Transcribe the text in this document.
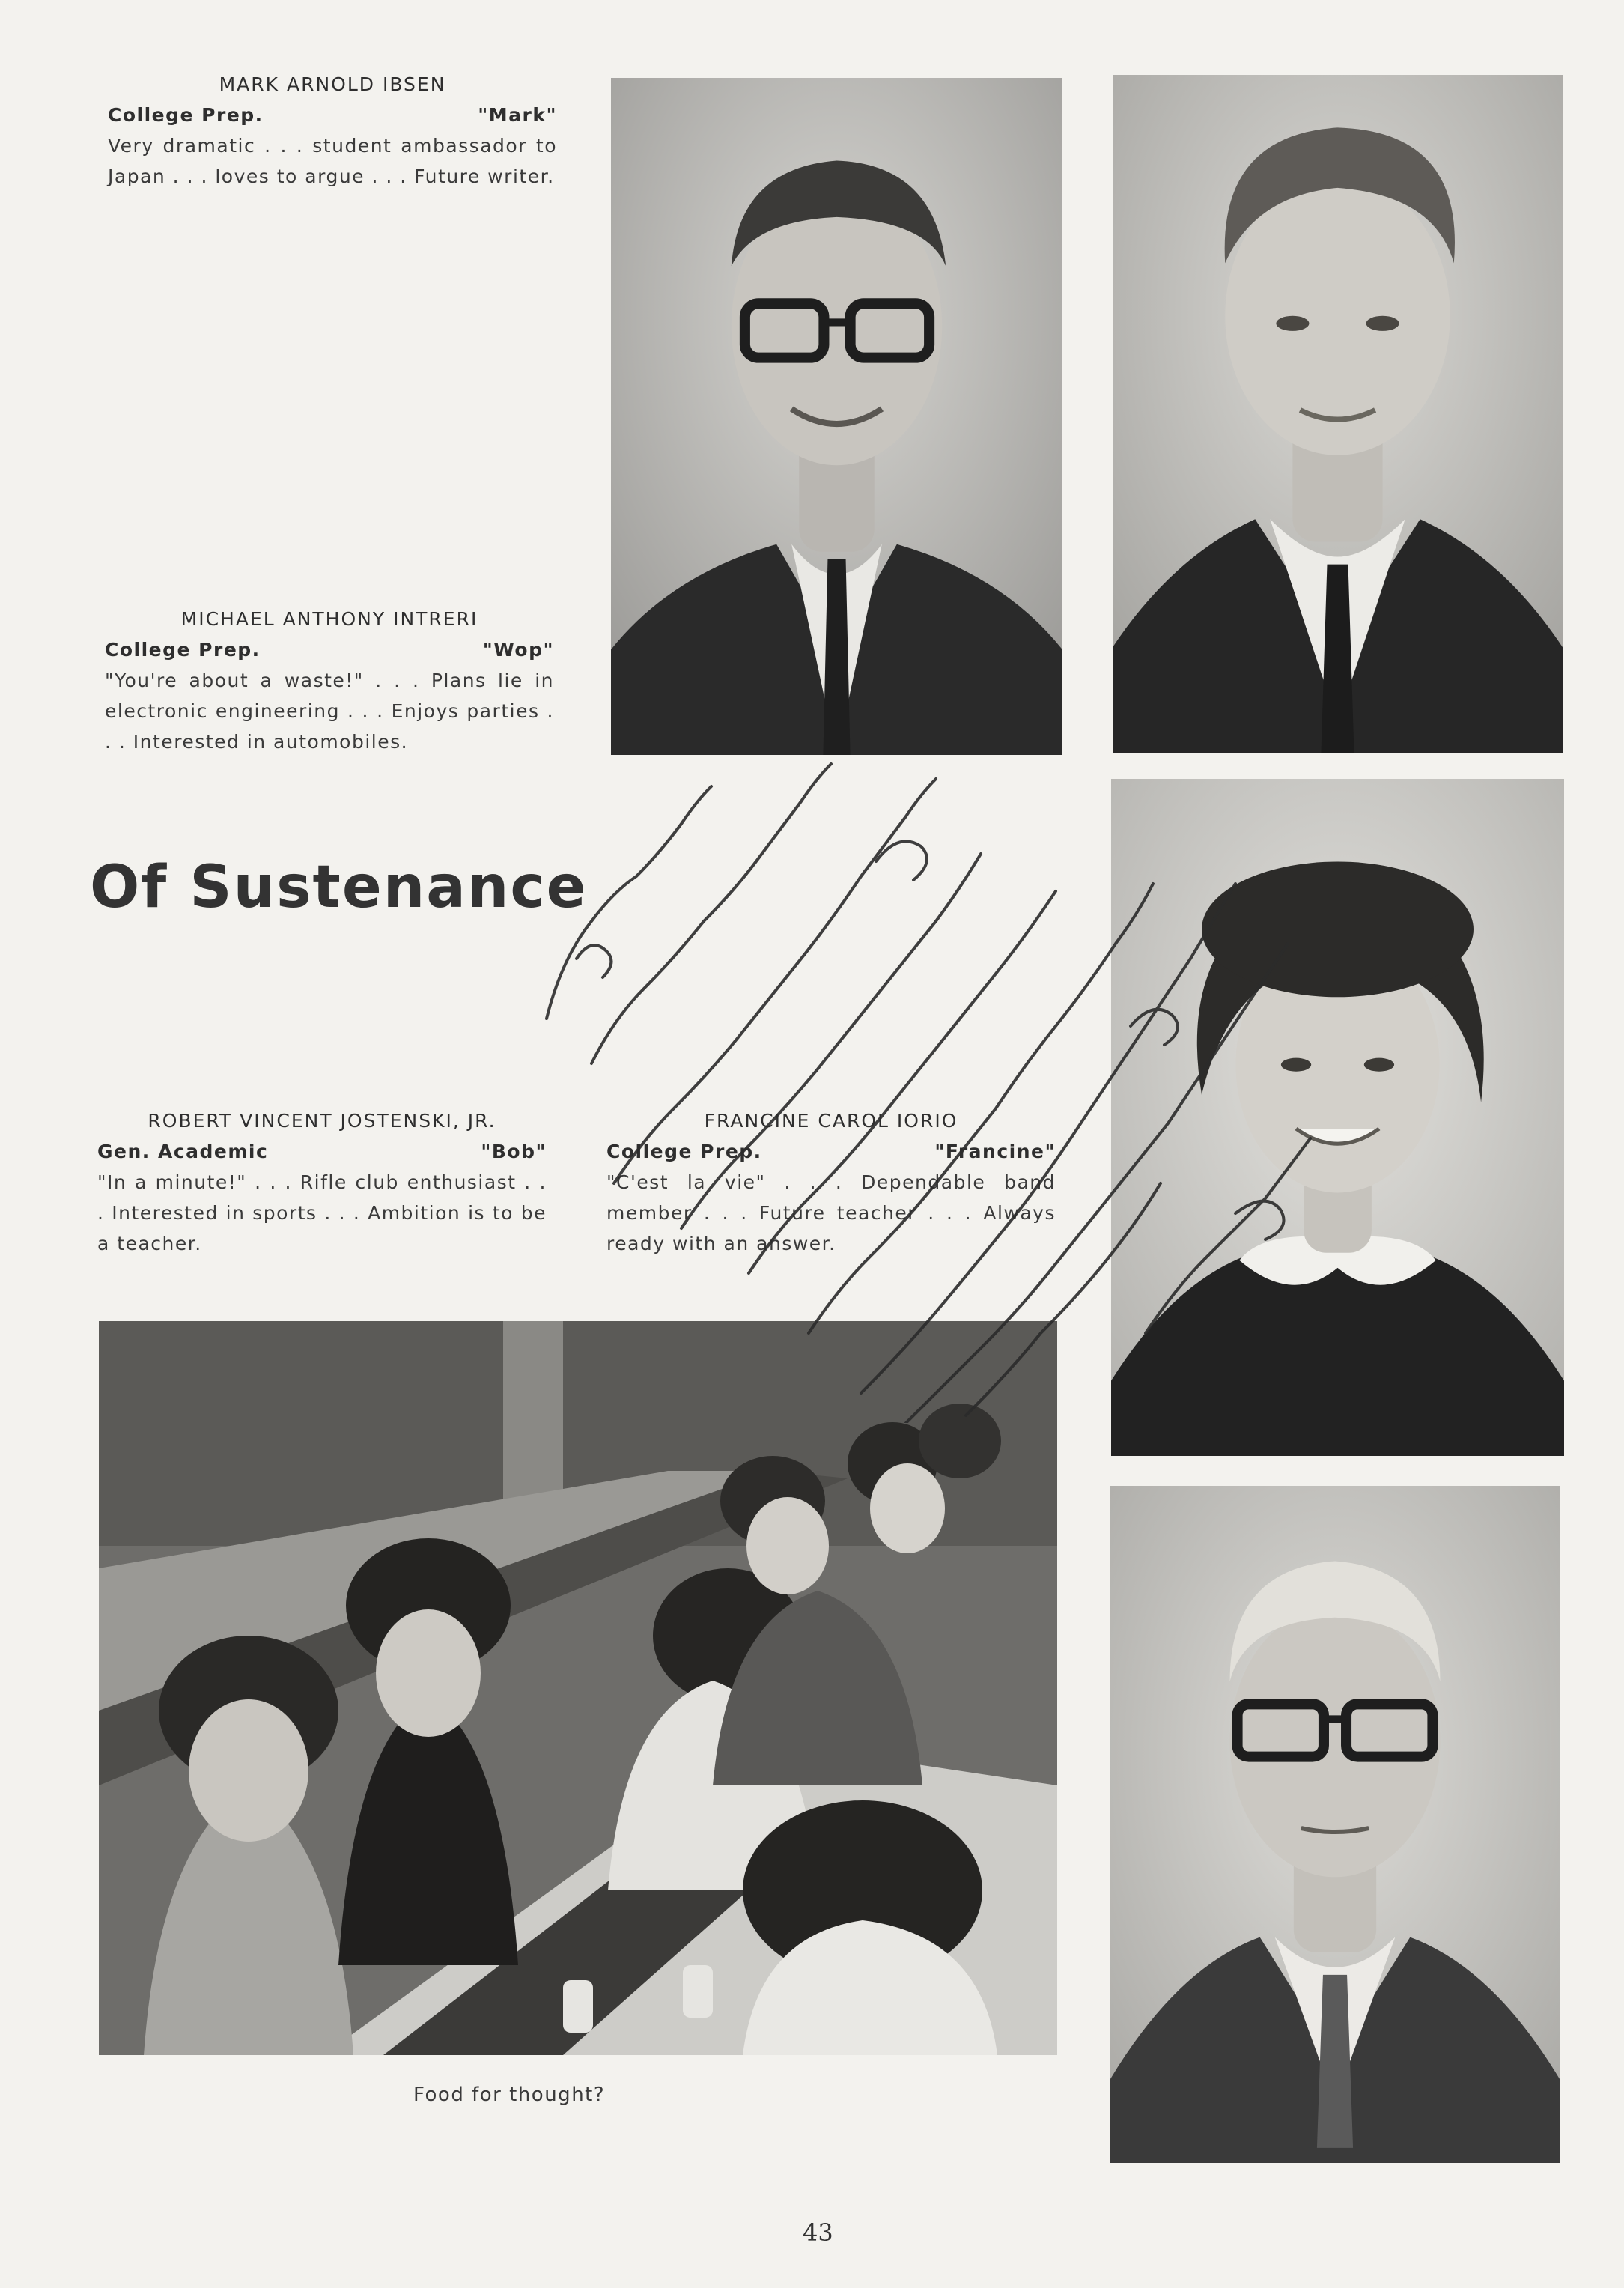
MARK ARNOLD IBSEN
College Prep.	"Mark"
Very dramatic . . . student ambassador to Japan . . . loves to argue . . . Future writer.
MICHAEL ANTHONY INTRERI
College Prep.	"Wop"
"You're about a waste!" . . . Plans lie in electronic engineering . . . Enjoys parties . . . Interested in automobiles.
Of Sustenance
ROBERT VINCENT JOSTENSKI, JR.
Gen. Academic	"Bob"
"In a minute!" . . . Rifle club enthusiast . . . Interested in sports . . . Ambition is to be a teacher.
FRANCINE CAROL IORIO
College Prep.	"Francine"
"C'est la vie" . . . Dependable band member . . . Future teacher . . . Always ready with an answer.
Food for thought?
43
